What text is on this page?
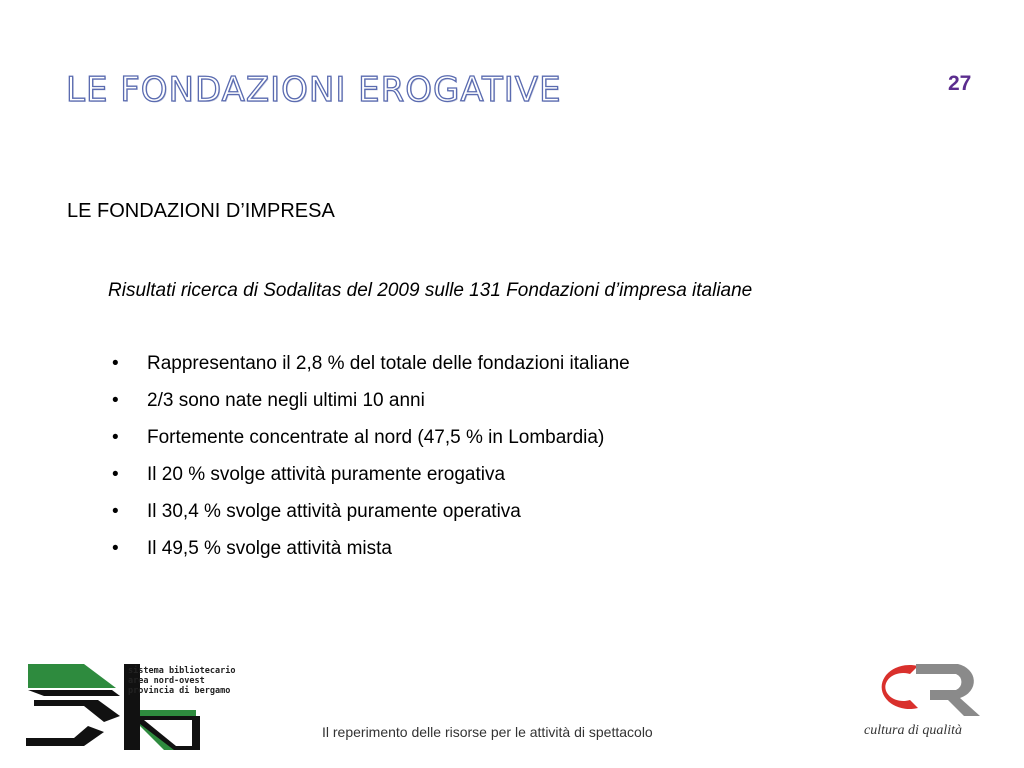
LE FONDAZIONI EROGATIVE	27
LE FONDAZIONI D’IMPRESA

Risultati ricerca di Sodalitas del 2009 sulle 131 Fondazioni d’impresa italiane

•	Rappresentano il 2,8 % del totale delle fondazioni italiane
•	2/3 sono nate negli ultimi 10 anni
•	Fortemente concentrate al nord (47,5 % in Lombardia)
•	Il 20 % svolge attività puramente erogativa
•	Il 30,4 % svolge attività puramente operativa
•	Il 49,5 % svolge attività mista
sistema bibliotecario
area nord-ovest
provincia di bergamo
Il reperimento delle risorse per le attività di spettacolo	cultura di qualità
